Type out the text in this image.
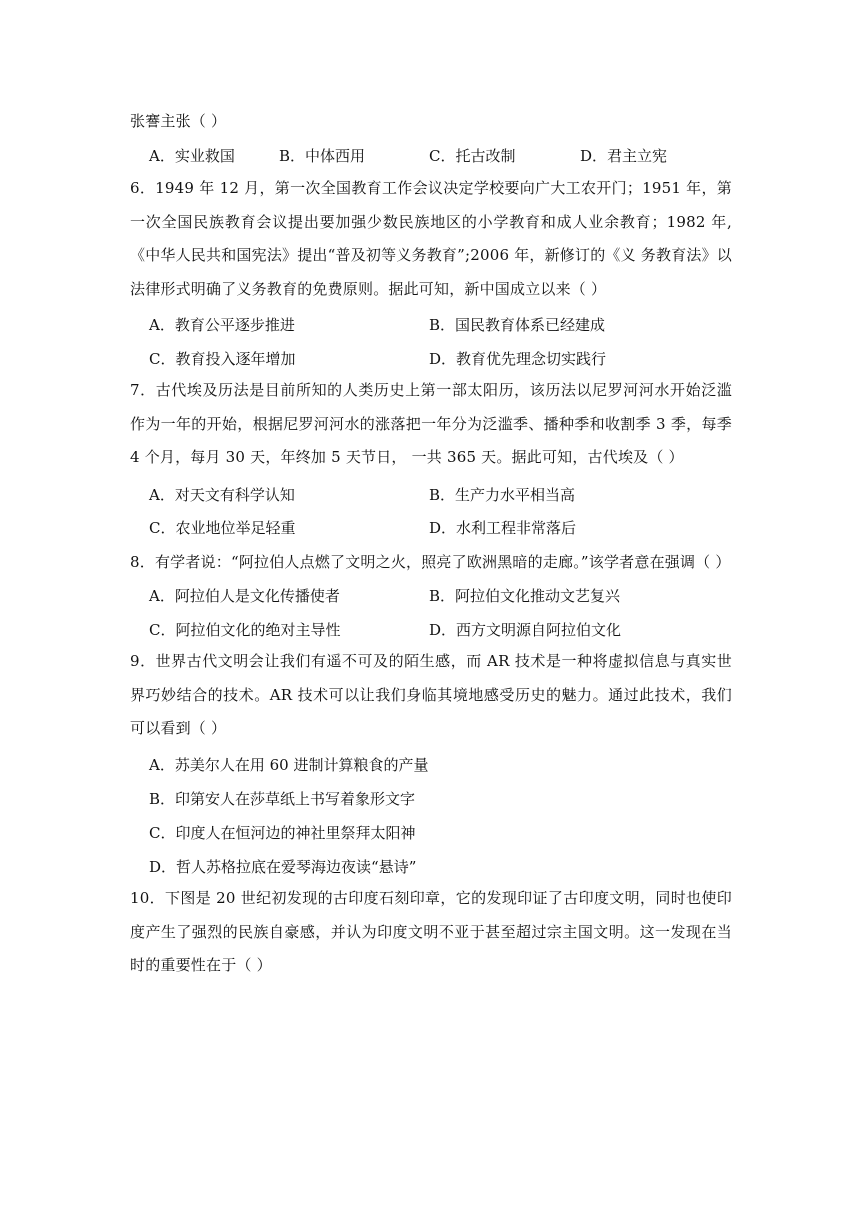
张謇主张（ ）
A．实业救国	B．中体西用	C．托古改制	D．君主立宪
6．1949 年 12 月，第一次全国教育工作会议决定学校要向广大工农开门；1951 年，第 一次全国民族教育会议提出要加强少数民族地区的小学教育和成人业余教育；1982 年,《中华人民共和国宪法》提出“普及初等义务教育”;2006 年，新修订的《义 务教育法》以法律形式明确了义务教育的免费原则。据此可知，新中国成立以来（ ）
A．教育公平逐步推进	B．国民教育体系已经建成
C．教育投入逐年增加	D．教育优先理念切实践行
7．古代埃及历法是目前所知的人类历史上第一部太阳历，该历法以尼罗河河水开始泛滥作为一年的开始，根据尼罗河河水的涨落把一年分为泛滥季、播种季和收割季 3 季，每季 4 个月，每月 30 天，年终加 5 天节日， 一共 365 天。据此可知，古代埃及（ ）
A．对天文有科学认知	B．生产力水平相当高
C．农业地位举足轻重	D．水利工程非常落后
8．有学者说：“阿拉伯人点燃了文明之火，照亮了欧洲黑暗的走廊。”该学者意在强调（ ）
A．阿拉伯人是文化传播使者	B．阿拉伯文化推动文艺复兴
C．阿拉伯文化的绝对主导性	D．西方文明源自阿拉伯文化
9．世界古代文明会让我们有遥不可及的陌生感，而 AR 技术是一种将虚拟信息与真实世界巧妙结合的技术。AR 技术可以让我们身临其境地感受历史的魅力。通过此技术，我们可以看到（ ）
A．苏美尔人在用 60 进制计算粮食的产量
B．印第安人在莎草纸上书写着象形文字
C．印度人在恒河边的神社里祭拜太阳神
D．哲人苏格拉底在爱琴海边夜读“悬诗”
10．下图是 20 世纪初发现的古印度石刻印章，它的发现印证了古印度文明，同时也使印度产生了强烈的民族自豪感，并认为印度文明不亚于甚至超过宗主国文明。这一发现在当时的重要性在于（ ）
